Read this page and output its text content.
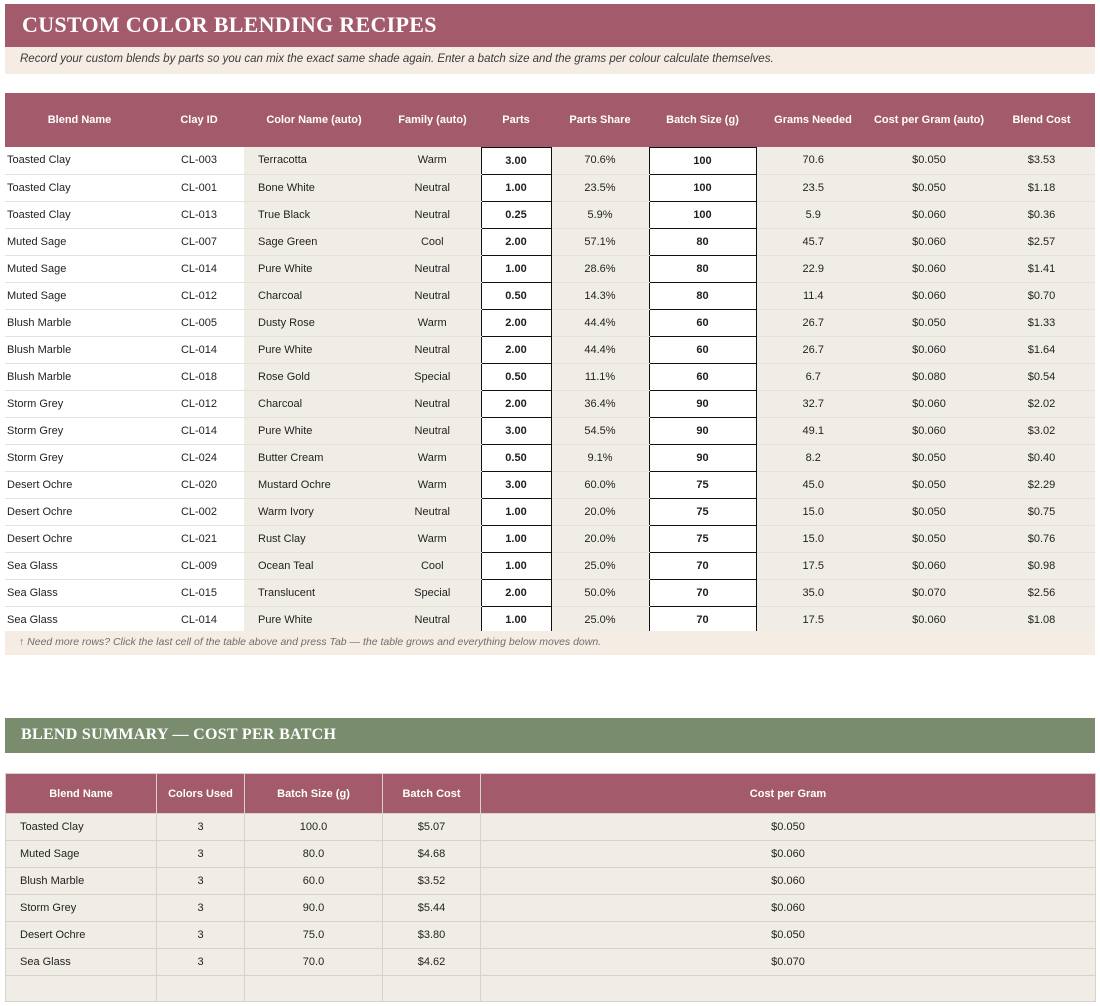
CUSTOM COLOR BLENDING RECIPES
Record your custom blends by parts so you can mix the exact same shade again. Enter a batch size and the grams per colour calculate themselves.
Blend Name	Clay ID	Color Name (auto)	Family (auto)	Parts	Parts Share	Batch Size (g)	Grams Needed	Cost per Gram (auto)	Blend Cost
Toasted Clay	CL-003	Terracotta	Warm	3.00	70.6%	100	70.6	$0.050	$3.53
Toasted Clay	CL-001	Bone White	Neutral	1.00	23.5%	100	23.5	$0.050	$1.18
Toasted Clay	CL-013	True Black	Neutral	0.25	5.9%	100	5.9	$0.060	$0.36
Muted Sage	CL-007	Sage Green	Cool	2.00	57.1%	80	45.7	$0.060	$2.57
Muted Sage	CL-014	Pure White	Neutral	1.00	28.6%	80	22.9	$0.060	$1.41
Muted Sage	CL-012	Charcoal	Neutral	0.50	14.3%	80	11.4	$0.060	$0.70
Blush Marble	CL-005	Dusty Rose	Warm	2.00	44.4%	60	26.7	$0.050	$1.33
Blush Marble	CL-014	Pure White	Neutral	2.00	44.4%	60	26.7	$0.060	$1.64
Blush Marble	CL-018	Rose Gold	Special	0.50	11.1%	60	6.7	$0.080	$0.54
Storm Grey	CL-012	Charcoal	Neutral	2.00	36.4%	90	32.7	$0.060	$2.02
Storm Grey	CL-014	Pure White	Neutral	3.00	54.5%	90	49.1	$0.060	$3.02
Storm Grey	CL-024	Butter Cream	Warm	0.50	9.1%	90	8.2	$0.050	$0.40
Desert Ochre	CL-020	Mustard Ochre	Warm	3.00	60.0%	75	45.0	$0.050	$2.29
Desert Ochre	CL-002	Warm Ivory	Neutral	1.00	20.0%	75	15.0	$0.050	$0.75
Desert Ochre	CL-021	Rust Clay	Warm	1.00	20.0%	75	15.0	$0.050	$0.76
Sea Glass	CL-009	Ocean Teal	Cool	1.00	25.0%	70	17.5	$0.060	$0.98
Sea Glass	CL-015	Translucent	Special	2.00	50.0%	70	35.0	$0.070	$2.56
Sea Glass	CL-014	Pure White	Neutral	1.00	25.0%	70	17.5	$0.060	$1.08
↑ Need more rows? Click the last cell of the table above and press Tab — the table grows and everything below moves down.
BLEND SUMMARY — COST PER BATCH
Blend Name	Colors Used	Batch Size (g)	Batch Cost	Cost per Gram
Toasted Clay	3	100.0	$5.07	$0.050
Muted Sage	3	80.0	$4.68	$0.060
Blush Marble	3	60.0	$3.52	$0.060
Storm Grey	3	90.0	$5.44	$0.060
Desert Ochre	3	75.0	$3.80	$0.050
Sea Glass	3	70.0	$4.62	$0.070
